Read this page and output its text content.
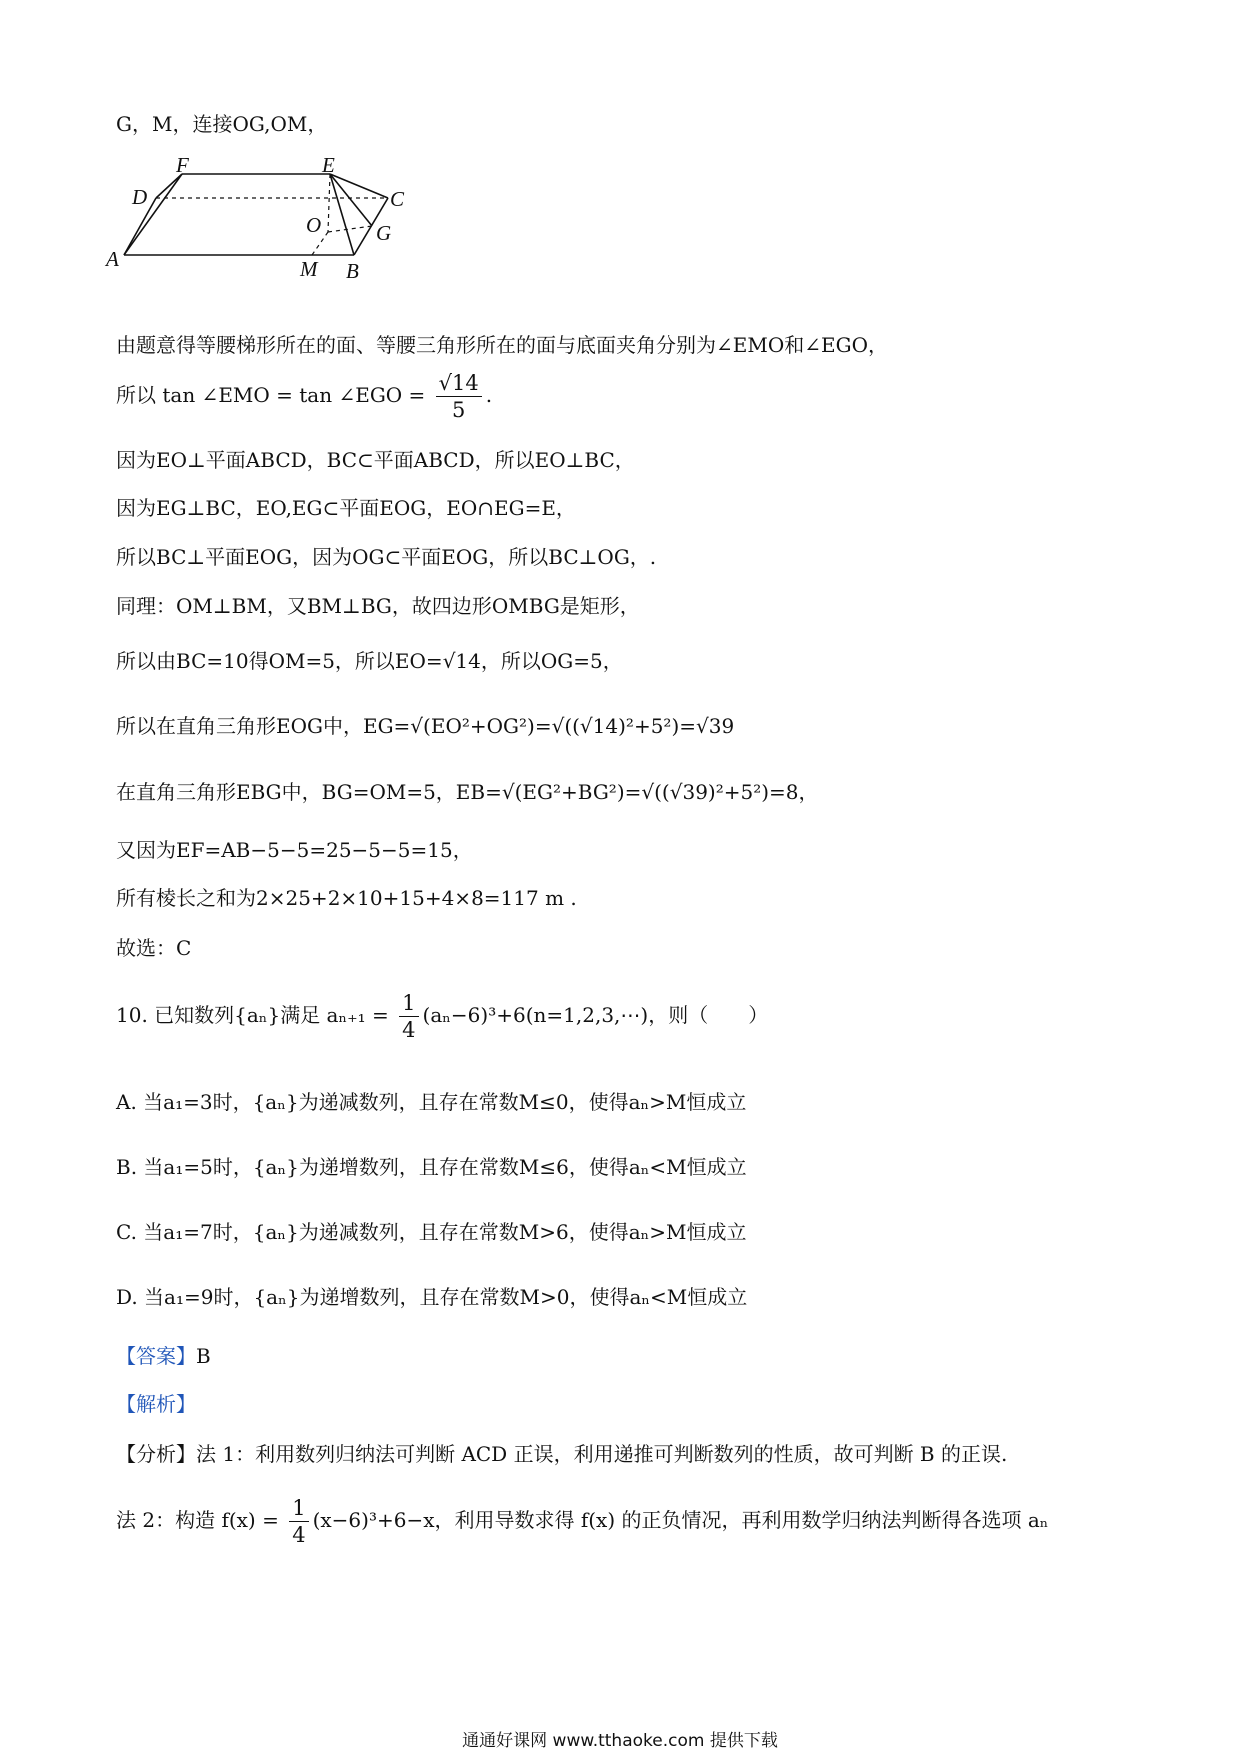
G，M，连接OG,OM，
A
D
F	E
C
O	G
M B
由题意得等腰梯形所在的面、等腰三角形所在的面与底面夹角分别为∠EMO和∠EGO，
所以 tan ∠EMO = tan ∠EGO = $\frac{√14}{5}$ .
因为EO⊥平面ABCD，BC⊂平面ABCD，所以EO⊥BC，
因为EG⊥BC，EO,EG⊂平面EOG，EO∩EG=E，
所以BC⊥平面EOG，因为OG⊂平面EOG，所以BC⊥OG，.
同理：OM⊥BM，又BM⊥BG，故四边形OMBG是矩形，
所以由BC=10得OM=5，所以EO=√14，所以OG=5，
所以在直角三角形EOG中，EG=√(EO²+OG²)=√((√14)²+5²)=√39
在直角三角形EBG中，BG=OM=5，EB=√(EG²+BG²)=√((√39)²+5²)=8，
又因为EF=AB−5−5=25−5−5=15，
所有棱长之和为2×25+2×10+15+4×8=117 m .
故选：C
10. 已知数列{aₙ}满足 $a_{n+1} = \frac{1}{4}$ (aₙ−6)³+6(n=1,2,3,⋯)，则（　　）
A. 当a₁=3时，{aₙ}为递减数列，且存在常数M≤0，使得aₙ>M恒成立
B. 当a₁=5时，{aₙ}为递增数列，且存在常数M≤6，使得aₙ<M恒成立
C. 当a₁=7时，{aₙ}为递减数列，且存在常数M>6，使得aₙ>M恒成立
D. 当a₁=9时，{aₙ}为递增数列，且存在常数M>0，使得aₙ<M恒成立
【答案】B
【解析】
【分析】法 1：利用数列归纳法可判断 ACD 正误，利用递推可判断数列的性质，故可判断 B 的正误.
法 2：构造 $f(x) = \frac{1}{4} (x-6)^3+6-x$，利用导数求得 f(x) 的正负情况，再利用数学归纳法判断得各选项 aₙ
通通好课网 www.tthaoke.com 提供下载
